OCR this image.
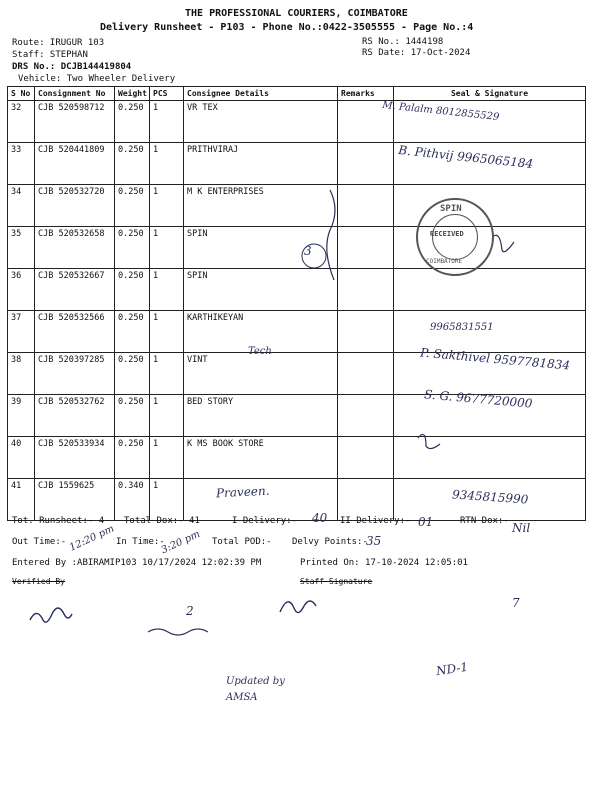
THE PROFESSIONAL COURIERS, COIMBATORE
Delivery Runsheet - P103 - Phone No.:0422-3505555 - Page No.:4
Route: IRUGUR 103
Staff: STEPHAN
DRS No.: DCJB144419804
Vehicle: Two Wheeler Delivery
RS No.: 1444198
RS Date: 17-Oct-2024
S No	Consignment No	Weight	PCS	Consignee Details	Remarks	Seal & Signature
32	CJB 520598712	0.250	1	VR TEX		
33	CJB 520441809	0.250	1	PRITHVIRAJ		
34	CJB 520532720	0.250	1	M K ENTERPRISES		
35	CJB 520532658	0.250	1	SPIN		
36	CJB 520532667	0.250	1	SPIN		
37	CJB 520532566	0.250	1	KARTHIKEYAN		
38	CJB 520397285	0.250	1	VINT		
39	CJB 520532762	0.250	1	BED STORY		
40	CJB 520533934	0.250	1	K MS BOOK STORE		
41	CJB 1559625	0.340	1			
M. Palalm 8012855529
B. Pithvij 9965065184
3
9965831551
Tech	P. Sakthivel 9597781834
S. G. 9677720000
Praveen.	9345815990
SPIN
RECEIVED
COIMBATORE
Tot. Runsheet:- 4 Total Dox:- 41	I Delivery:- 40 II Delivery:- 01	RTN Dox:- Nil
Out Time:- 12:20 pm In Time:-
3:20 pm Total POD:- Delvy Points:-
35
Entered By :ABIRAMIP103 10/17/2024 12:02:39 PM	Printed On: 17-10-2024 12:05:01
Verified By	Staff Signature
2
ND-1
Updated by AMSA
7
